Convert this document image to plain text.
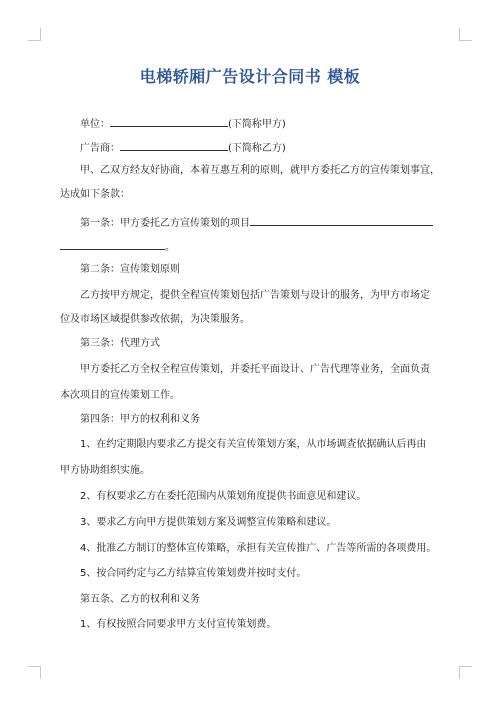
电梯轿厢广告设计合同书 模板
单位：	(下简称甲方)
广告商：	(下简称乙方)
甲、乙双方经友好协商，本着互惠互利的原则，就甲方委托乙方的宣传策划事宜，
达成如下条款：
第一条：甲方委托乙方宣传策划的项目
。
第二条：宣传策划原则
乙方按甲方规定，提供全程宣传策划包括广告策划与设计的服务，为甲方市场定
位及市场区域提供参改依据，为决策服务。
第三条：代理方式
甲方委托乙方全权全程宣传策划，并委托平面设计、广告代理等业务，全面负责
本次项目的宣传策划工作。
第四条：甲方的权利和义务
1、在约定期限内要求乙方提交有关宣传策划方案，从市场调查依据确认后再由
甲方协助组织实施。
2、有权要求乙方在委托范围内从策划角度提供书面意见和建议。
3、要求乙方向甲方提供策划方案及调整宣传策略和建议。
4、批准乙方制订的整体宣传策略，承担有关宣传推广、广告等所需的各项费用。
5、按合同约定与乙方结算宣传策划费并按时支付。
第五条、乙方的权利和义务
1、有权按照合同要求甲方支付宣传策划费。
